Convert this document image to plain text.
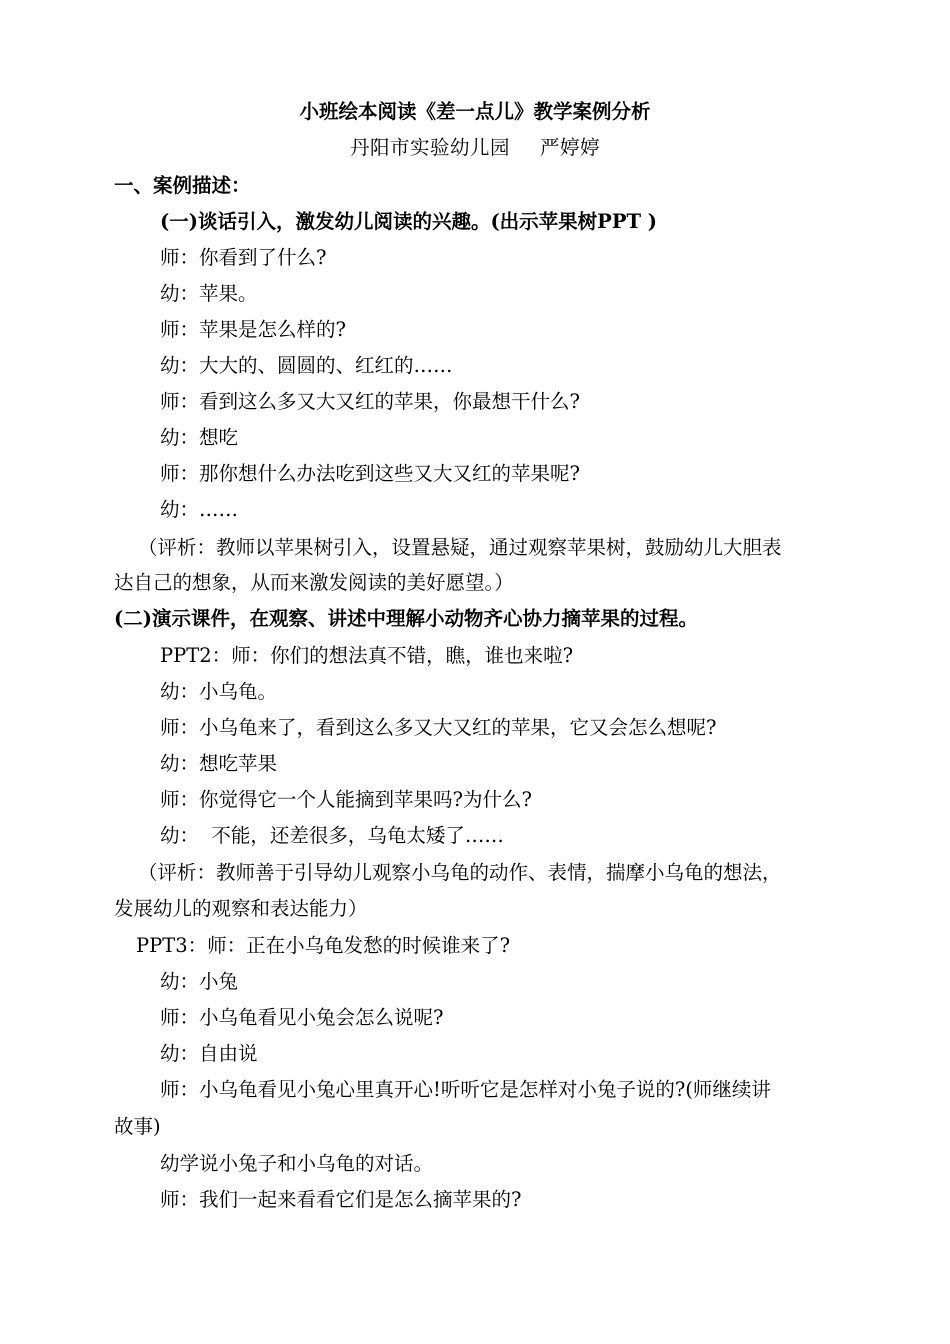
小班绘本阅读《差一点儿》教学案例分析
丹阳市实验幼儿园 严婷婷
一、案例描述：
(一)谈话引入，激发幼儿阅读的兴趣。(出示苹果树PPT )
师：你看到了什么?
幼：苹果。
师：苹果是怎么样的?
幼：大大的、圆圆的、红红的……
师：看到这么多又大又红的苹果，你最想干什么?
幼：想吃
师：那你想什么办法吃到这些又大又红的苹果呢?
幼：……
（评析：教师以苹果树引入，设置悬疑，通过观察苹果树，鼓励幼儿大胆表
达自己的想象，从而来激发阅读的美好愿望。）
(二)演示课件，在观察、讲述中理解小动物齐心协力摘苹果的过程。
PPT2：师：你们的想法真不错，瞧，谁也来啦?
幼：小乌龟。
师：小乌龟来了，看到这么多又大又红的苹果，它又会怎么想呢?
幼：想吃苹果
师：你觉得它一个人能摘到苹果吗?为什么?
幼：  不能，还差很多，乌龟太矮了……
（评析：教师善于引导幼儿观察小乌龟的动作、表情，揣摩小乌龟的想法，
发展幼儿的观察和表达能力）
PPT3：师：正在小乌龟发愁的时候谁来了?
幼：小兔
师：小乌龟看见小兔会怎么说呢?
幼：自由说
师：小乌龟看见小兔心里真开心!听听它是怎样对小兔子说的?(师继续讲
故事)
幼学说小兔子和小乌龟的对话。
师：我们一起来看看它们是怎么摘苹果的?
